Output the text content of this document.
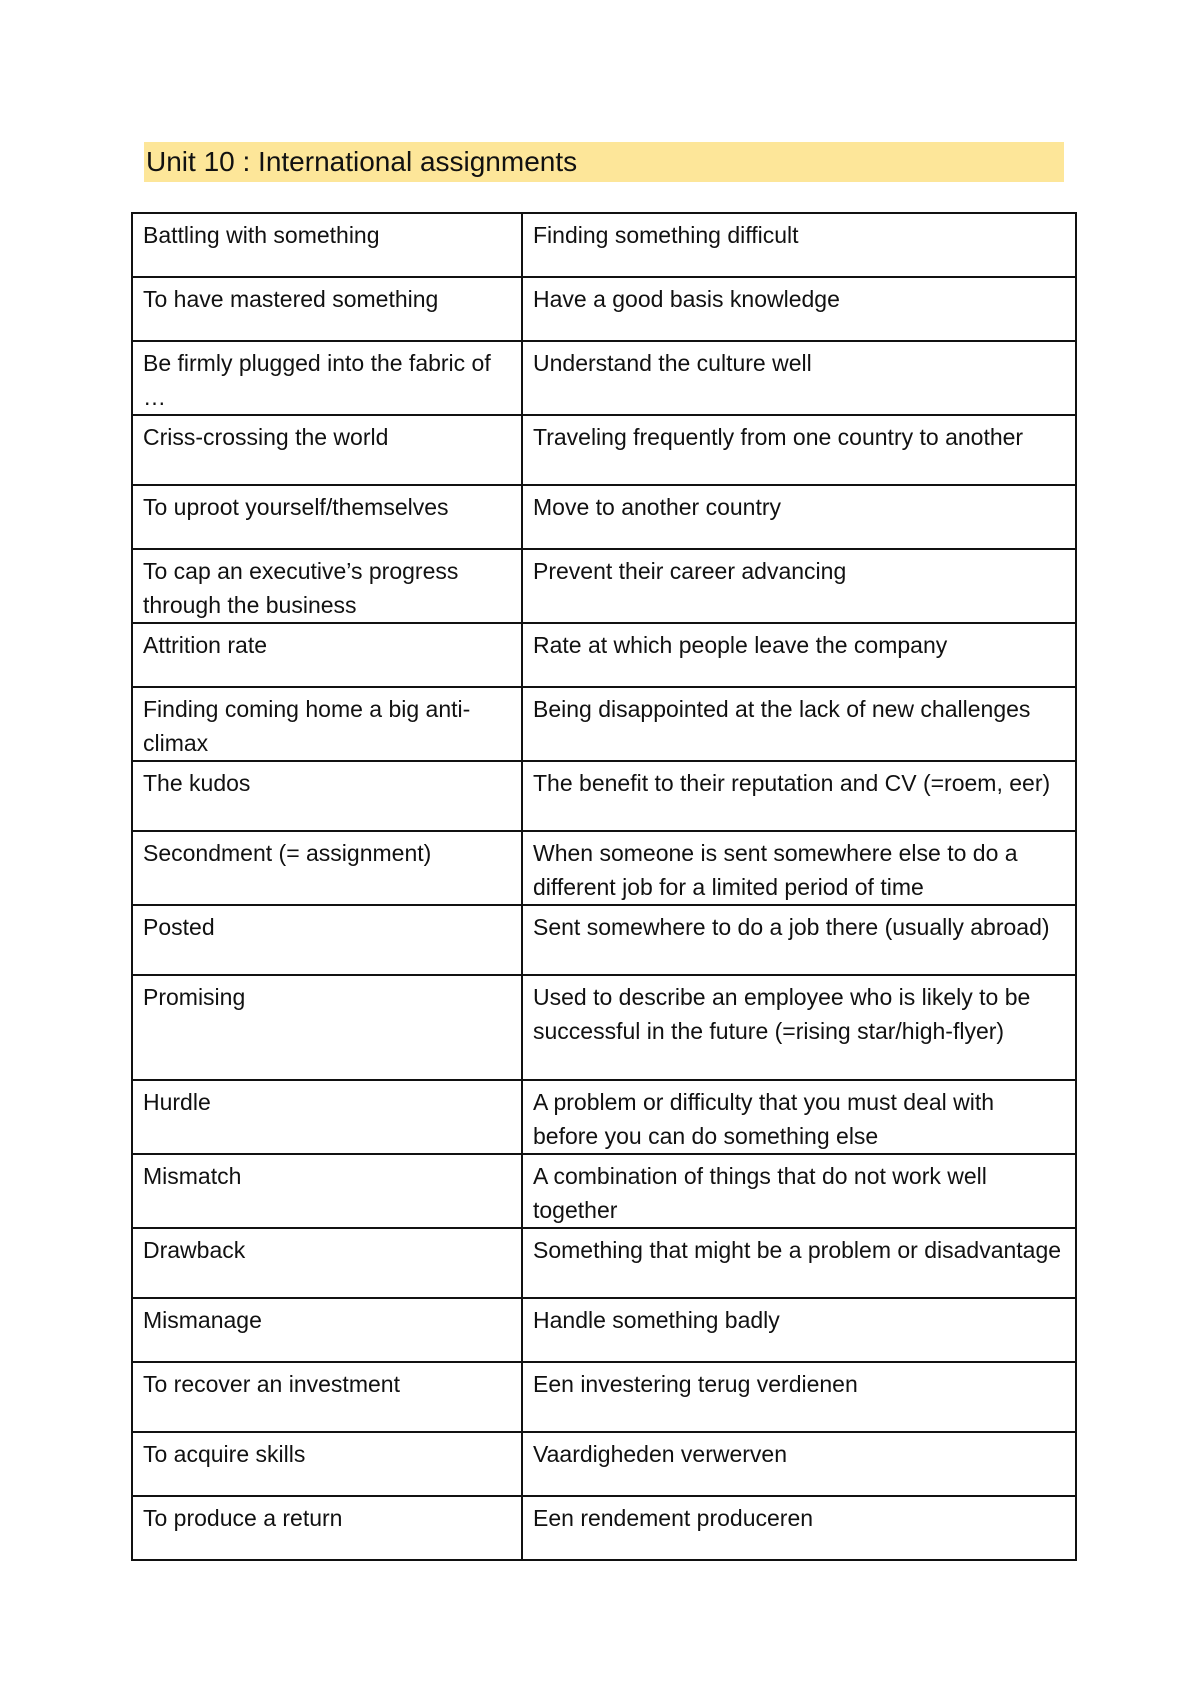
Unit 10 : International assignments
Battling with something	Finding something difficult
To have mastered something	Have a good basis knowledge
Be firmly plugged into the fabric of …	Understand the culture well
Criss-crossing the world	Traveling frequently from one country to another
To uproot yourself/themselves	Move to another country
To cap an executive’s progress through the business	Prevent their career advancing
Attrition rate	Rate at which people leave the company
Finding coming home a big anti-climax	Being disappointed at the lack of new challenges
The kudos	The benefit to their reputation and CV (=roem, eer)
Secondment (= assignment)	When someone is sent somewhere else to do a different job for a limited period of time
Posted	Sent somewhere to do a job there (usually abroad)
Promising	Used to describe an employee who is likely to be successful in the future (=rising star/high-flyer)
Hurdle	A problem or difficulty that you must deal with before you can do something else
Mismatch	A combination of things that do not work well together
Drawback	Something that might be a problem or disadvantage
Mismanage	Handle something badly
To recover an investment	Een investering terug verdienen
To acquire skills	Vaardigheden verwerven
To produce a return	Een rendement produceren
